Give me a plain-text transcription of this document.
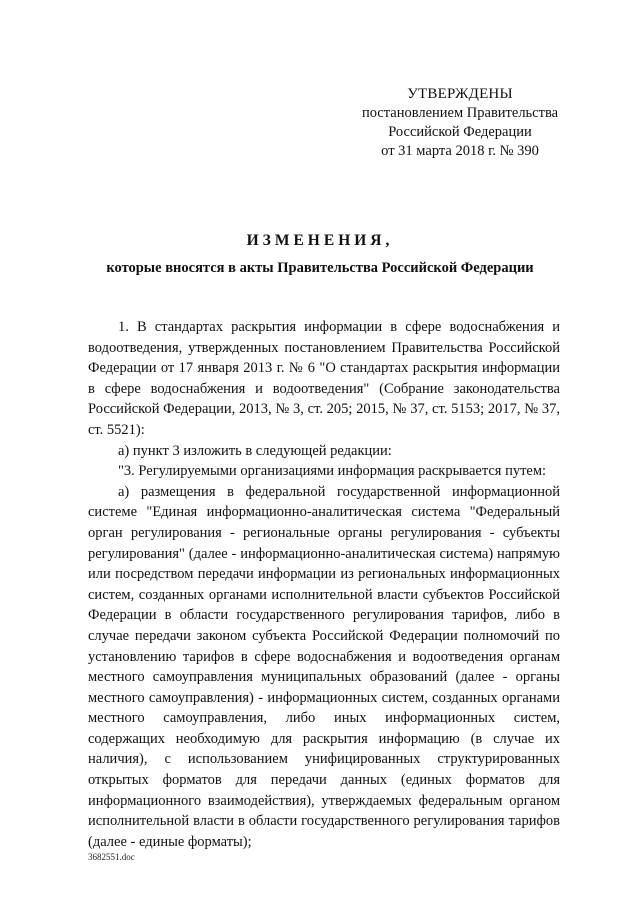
УТВЕРЖДЕНЫ
постановлением Правительства
Российской Федерации
от 31 марта 2018 г. № 390
ИЗМЕНЕНИЯ,
которые вносятся в акты Правительства Российской Федерации

1. В стандартах раскрытия информации в сфере водоснабжения и водоотведения, утвержденных постановлением Правительства Российской Федерации от 17 января 2013 г. № 6 "О стандартах раскрытия информации в сфере водоснабжения и водоотведения" (Собрание законодательства Российской Федерации, 2013, № 3, ст. 205; 2015, № 37, ст. 5153; 2017, № 37, ст. 5521):

а) пункт 3 изложить в следующей редакции:

"3. Регулируемыми организациями информация раскрывается путем:

а) размещения в федеральной государственной информационной системе "Единая информационно-аналитическая система "Федеральный орган регулирования - региональные органы регулирования - субъекты регулирования" (далее - информационно-аналитическая система) напрямую или посредством передачи информации из региональных информационных систем, созданных органами исполнительной власти субъектов Российской Федерации в области государственного регулирования тарифов, либо в случае передачи законом субъекта Российской Федерации полномочий по установлению тарифов в сфере водоснабжения и водоотведения органам местного самоуправления муниципальных образований (далее - органы местного самоуправления) - информационных систем, созданных органами местного самоуправления, либо иных информационных систем, содержащих необходимую для раскрытия информацию (в случае их наличия), с использованием унифицированных структурированных открытых форматов для передачи данных (единых форматов для информационного взаимодействия), утверждаемых федеральным органом исполнительной власти в области государственного регулирования тарифов (далее - единые форматы);

3682551.doc
